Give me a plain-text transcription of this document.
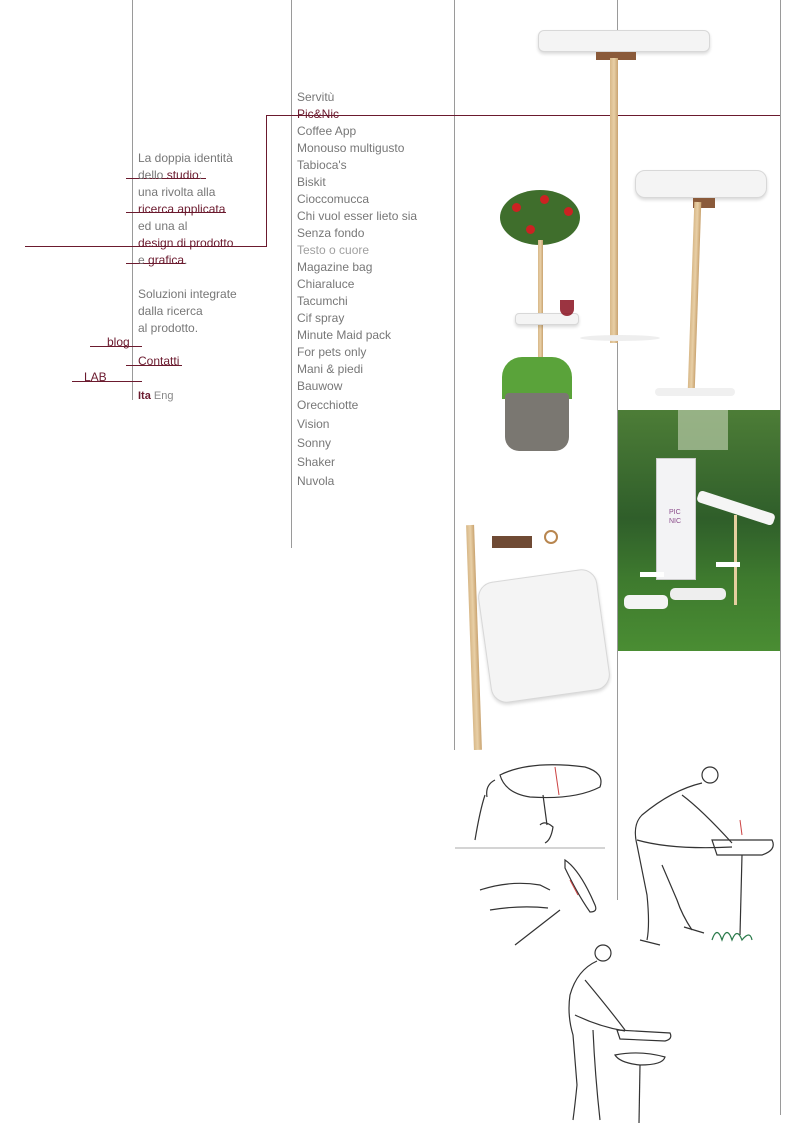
La doppia identità
dello studio:
una rivolta alla
ricerca applicata
ed una al
design di prodotto
e grafica.
Soluzioni integrate
dalla ricerca
al prodotto.
blog
Contatti
LAB
Ita Eng
Servitù
Pic&Nic
Coffee App
Monouso multigusto
Tabioca's
Biskit
Cioccomucca
Chi vuol esser lieto sia
Senza fondo
Testo o cuore
Magazine bag
Chiaraluce
Tacumchi
Cif spray
Minute Maid pack
For pets only
Mani & piedi
Bauwow
Orecchiotte
Vision
Sonny
Shaker
Nuvola
PIC
NIC
